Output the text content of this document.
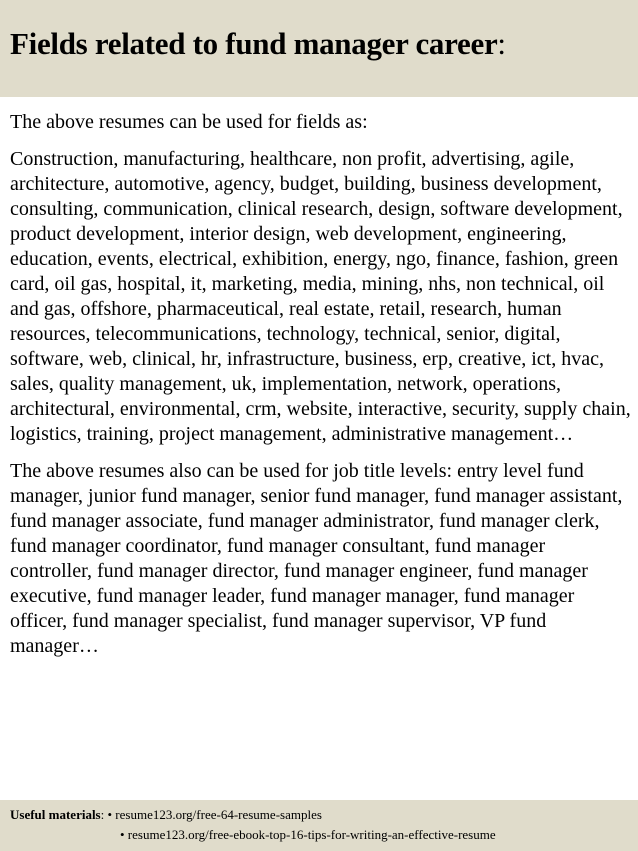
Fields related to fund manager career:

The above resumes can be used for fields as:

Construction, manufacturing, healthcare, non profit, advertising, agile, architecture, automotive, agency, budget, building, business development, consulting, communication, clinical research, design, software development, product development, interior design, web development, engineering, education, events, electrical, exhibition, energy, ngo, finance, fashion, green card, oil gas, hospital, it, marketing, media, mining, nhs, non technical, oil and gas, offshore, pharmaceutical, real estate, retail, research, human resources, telecommunications, technology, technical, senior, digital, software, web, clinical, hr, infrastructure, business, erp, creative, ict, hvac, sales, quality management, uk, implementation, network, operations, architectural, environmental, crm, website, interactive, security, supply chain, logistics, training, project management, administrative management…

The above resumes also can be used for job title levels: entry level fund manager, junior fund manager, senior fund manager, fund manager assistant, fund manager associate, fund manager administrator, fund manager clerk, fund manager coordinator, fund manager consultant, fund manager controller, fund manager director, fund manager engineer, fund manager executive, fund manager leader, fund manager manager, fund manager officer, fund manager specialist, fund manager supervisor, VP fund manager…

Useful materials: • resume123.org/free-64-resume-samples
• resume123.org/free-ebook-top-16-tips-for-writing-an-effective-resume
